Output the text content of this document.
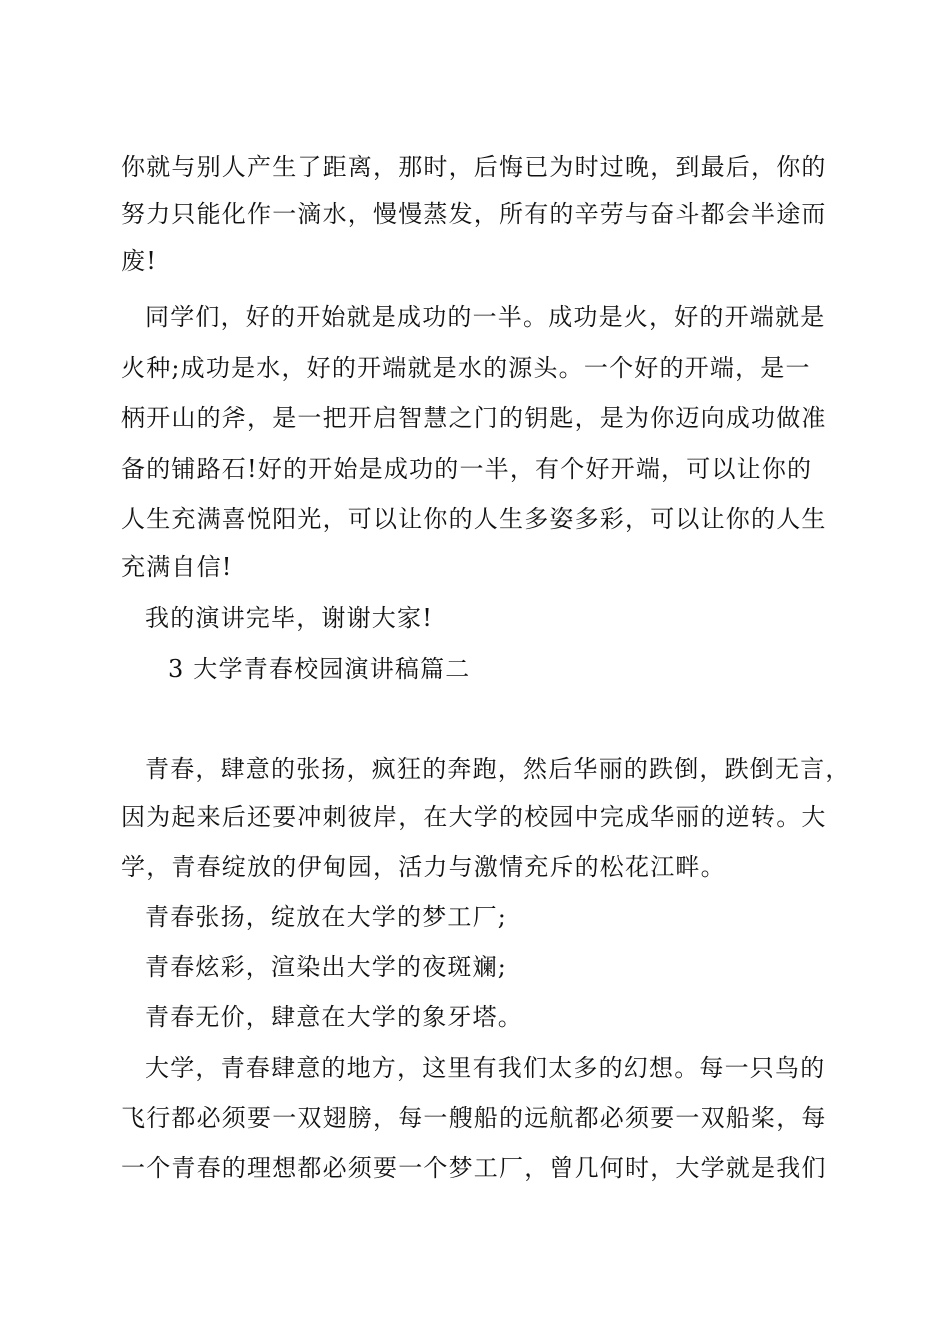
你就与别人产生了距离，那时，后悔已为时过晚，到最后，你的
努力只能化作一滴水，慢慢蒸发，所有的辛劳与奋斗都会半途而
废!
同学们，好的开始就是成功的一半。成功是火，好的开端就是
火种;成功是水，好的开端就是水的源头。一个好的开端，是一
柄开山的斧，是一把开启智慧之门的钥匙，是为你迈向成功做准
备的铺路石!好的开始是成功的一半，有个好开端，可以让你的
人生充满喜悦阳光，可以让你的人生多姿多彩，可以让你的人生
充满自信!
我的演讲完毕，谢谢大家!
3 大学青春校园演讲稿篇二
青春，肆意的张扬，疯狂的奔跑，然后华丽的跌倒，跌倒无言，
因为起来后还要冲刺彼岸，在大学的校园中完成华丽的逆转。大
学，青春绽放的伊甸园，活力与激情充斥的松花江畔。
青春张扬，绽放在大学的梦工厂;
青春炫彩，渲染出大学的夜斑斓;
青春无价，肆意在大学的象牙塔。
大学，青春肆意的地方，这里有我们太多的幻想。每一只鸟的
飞行都必须要一双翅膀，每一艘船的远航都必须要一双船桨，每
一个青春的理想都必须要一个梦工厂，曾几何时，大学就是我们
